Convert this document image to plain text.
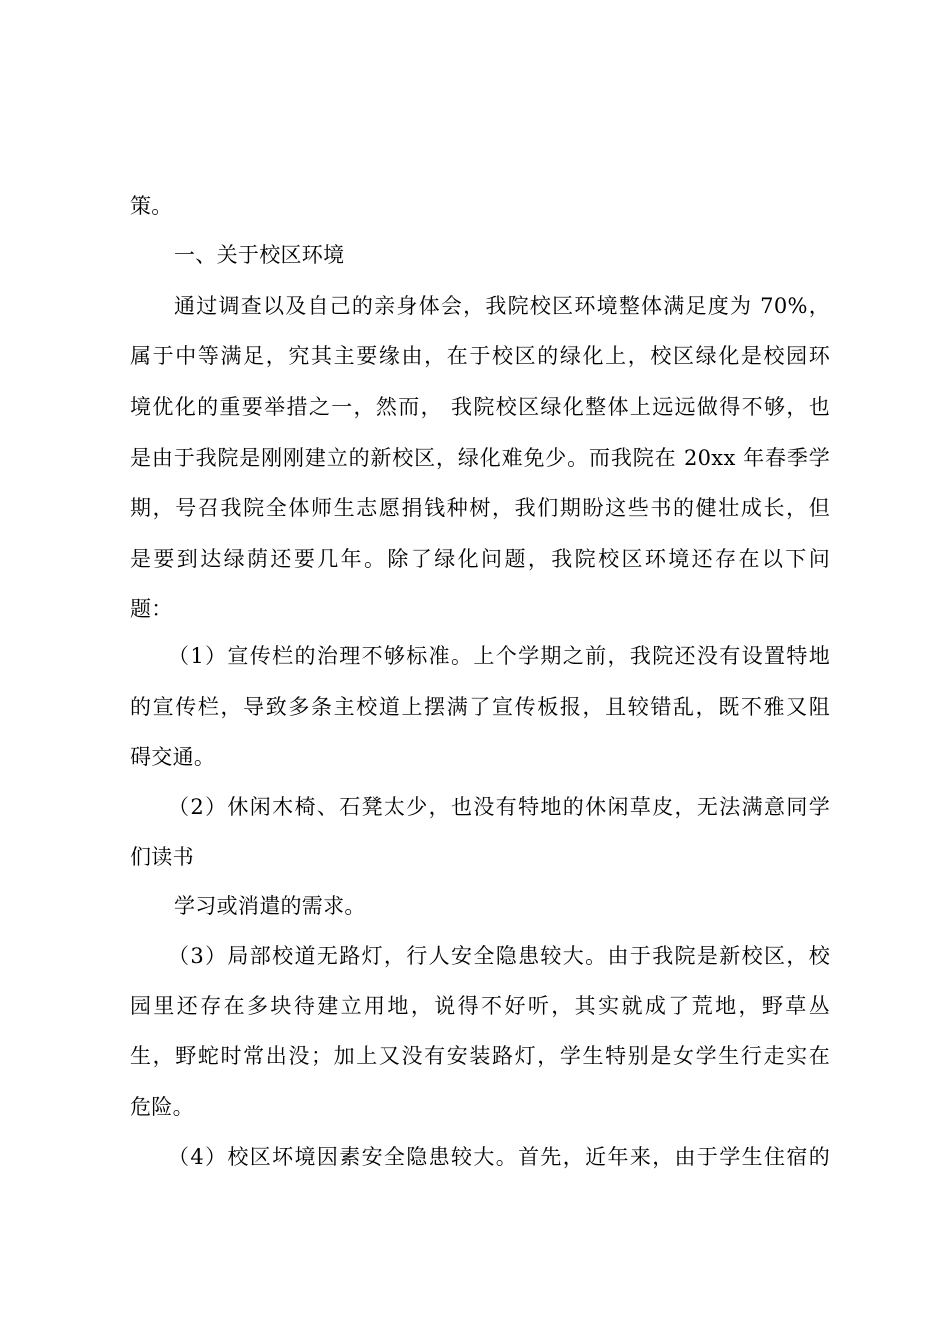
策。
一、关于校区环境
通过调查以及自己的亲身体会，我院校区环境整体满足度为 70%，
属于中等满足，究其主要缘由，在于校区的绿化上，校区绿化是校园环
境优化的重要举措之一，然而， 我院校区绿化整体上远远做得不够，也
是由于我院是刚刚建立的新校区，绿化难免少。而我院在 20xx 年春季学
期，号召我院全体师生志愿捐钱种树，我们期盼这些书的健壮成长，但
是要到达绿荫还要几年。除了绿化问题，我院校区环境还存在以下问
题：
（1）宣传栏的治理不够标准。上个学期之前，我院还没有设置特地
的宣传栏，导致多条主校道上摆满了宣传板报，且较错乱，既不雅又阻
碍交通。
（2）休闲木椅、石凳太少，也没有特地的休闲草皮，无法满意同学
们读书
学习或消遣的需求。
（3）局部校道无路灯，行人安全隐患较大。由于我院是新校区，校
园里还存在多块待建立用地，说得不好听，其实就成了荒地，野草丛
生，野蛇时常出没；加上又没有安装路灯，学生特别是女学生行走实在
危险。
（4）校区坏境因素安全隐患较大。首先，近年来，由于学生住宿的
